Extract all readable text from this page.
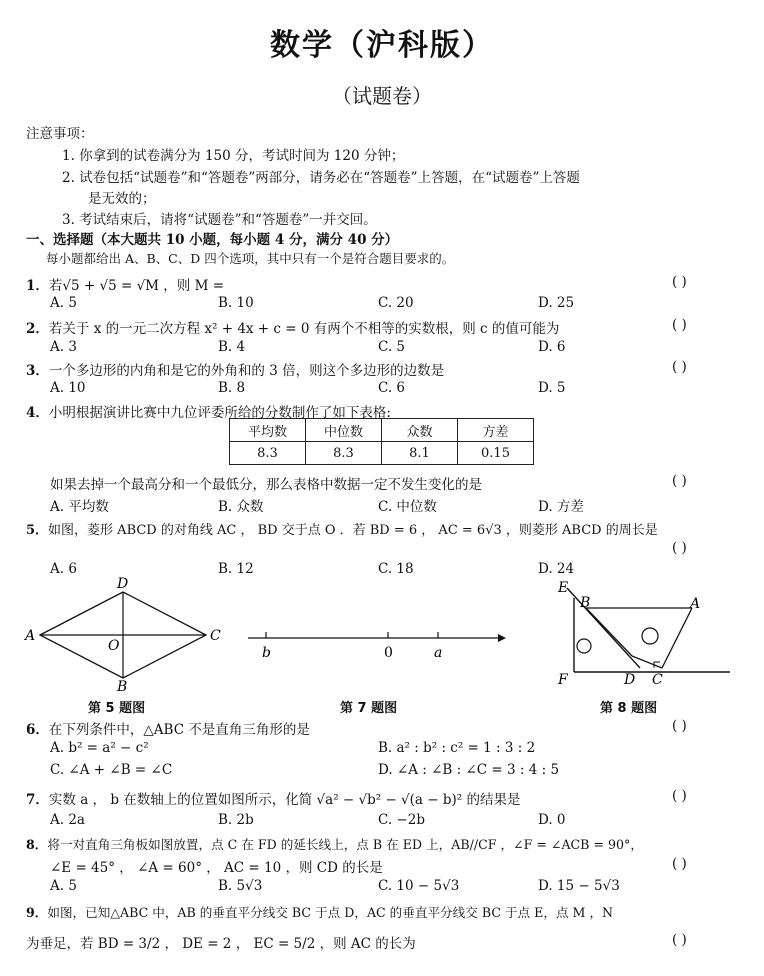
数学（沪科版）
（试题卷）
注意事项：
1. 你拿到的试卷满分为 150 分，考试时间为 120 分钟；
2. 试卷包括“试题卷”和“答题卷”两部分，请务必在“答题卷”上答题，在“试题卷”上答题
是无效的；
3. 考试结束后，请将“试题卷”和“答题卷”一并交回。
一、选择题（本大题共 10 小题，每小题 4 分，满分 40 分）
每小题都给出 A、B、C、D 四个选项，其中只有一个是符合题目要求的。
1．若√5 + √5 = √M ，则 M =	( )
A. 5	B. 10	C. 20	D. 25
2．若关于 x 的一元二次方程 x² + 4x + c = 0 有两个不相等的实数根，则 c 的值可能为	( )
A. 3	B. 4	C. 5	D. 6
3．一个多边形的内角和是它的外角和的 3 倍，则这个多边形的边数是	( )
A. 10	B. 8	C. 6	D. 5
4．小明根据演讲比赛中九位评委所给的分数制作了如下表格:
平均数	中位数	众数	方差
8.3	8.3	8.1	0.15
如果去掉一个最高分和一个最低分，那么表格中数据一定不发生变化的是	( )
A. 平均数	B. 众数	C. 中位数	D. 方差
5．如图，菱形 ABCD 的对角线 AC ， BD 交于点 O ．若 BD = 6 ， AC = 6√3 ，则菱形 ABCD 的周长是
( )
A. 6	B. 12	C. 18	D. 24
A
B
C
D
O
第 5 题图
b	0	a
第 7 题图
E
B	A
F	D C
第 8 题图
6．在下列条件中，△ABC 不是直角三角形的是	( )
A. b² = a² − c²	B. a² : b² : c² = 1 : 3 : 2
C. ∠A + ∠B = ∠C	D. ∠A : ∠B : ∠C = 3 : 4 : 5
7．实数 a ， b 在数轴上的位置如图所示，化简 √a² − √b² − √(a − b)² 的结果是	( )
A. 2a	B. 2b	C. −2b	D. 0
8．将一对直角三角板如图放置，点 C 在 FD 的延长线上，点 B 在 ED 上，AB//CF ，∠F = ∠ACB = 90°，
∠E = 45° ， ∠A = 60° ， AC = 10 ，则 CD 的长是	( )
A. 5	B. 5√3	C. 10 − 5√3	D. 15 − 5√3
9．如图，已知△ABC 中，AB 的垂直平分线交 BC 于点 D，AC 的垂直平分线交 BC 于点 E，点 M ，N
为垂足，若 BD = 3/2 ， DE = 2 ， EC = 5/2 ，则 AC 的长为	( )
